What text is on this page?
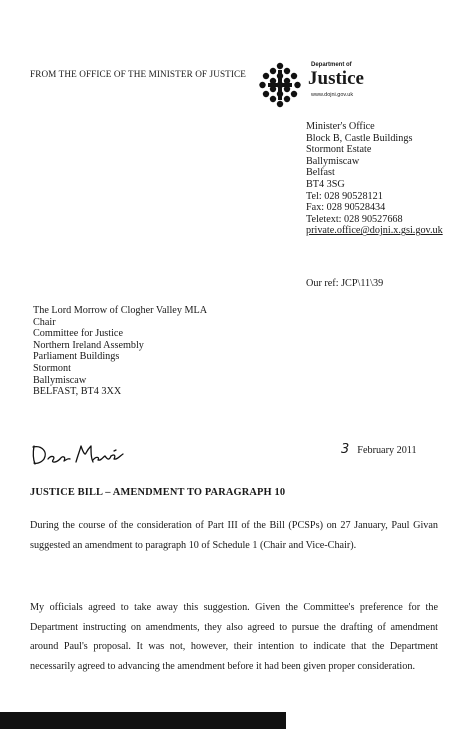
FROM THE OFFICE OF THE MINISTER OF JUSTICE
Department of
Justice
www.dojni.gov.uk
Minister's Office
Block B, Castle Buildings
Stormont Estate
Ballymiscaw
Belfast
BT4 3SG
Tel: 028 90528121
Fax: 028 90528434
Teletext: 028 90527668
private.office@dojni.x.gsi.gov.uk
Our ref: JCP\11\39
The Lord Morrow of Clogher Valley MLA
Chair
Committee for Justice
Northern Ireland Assembly
Parliament Buildings
Stormont
Ballymiscaw
BELFAST, BT4 3XX
3 February 2011
JUSTICE BILL – AMENDMENT TO PARAGRAPH 10
During the course of the consideration of Part III of the Bill (PCSPs) on 27 January, Paul Givan suggested an amendment to paragraph 10 of Schedule 1 (Chair and Vice-Chair).
My officials agreed to take away this suggestion. Given the Committee's preference for the Department instructing on amendments, they also agreed to pursue the drafting of amendment around Paul's proposal. It was not, however, their intention to indicate that the Department necessarily agreed to advancing the amendment before it had been given proper consideration.
